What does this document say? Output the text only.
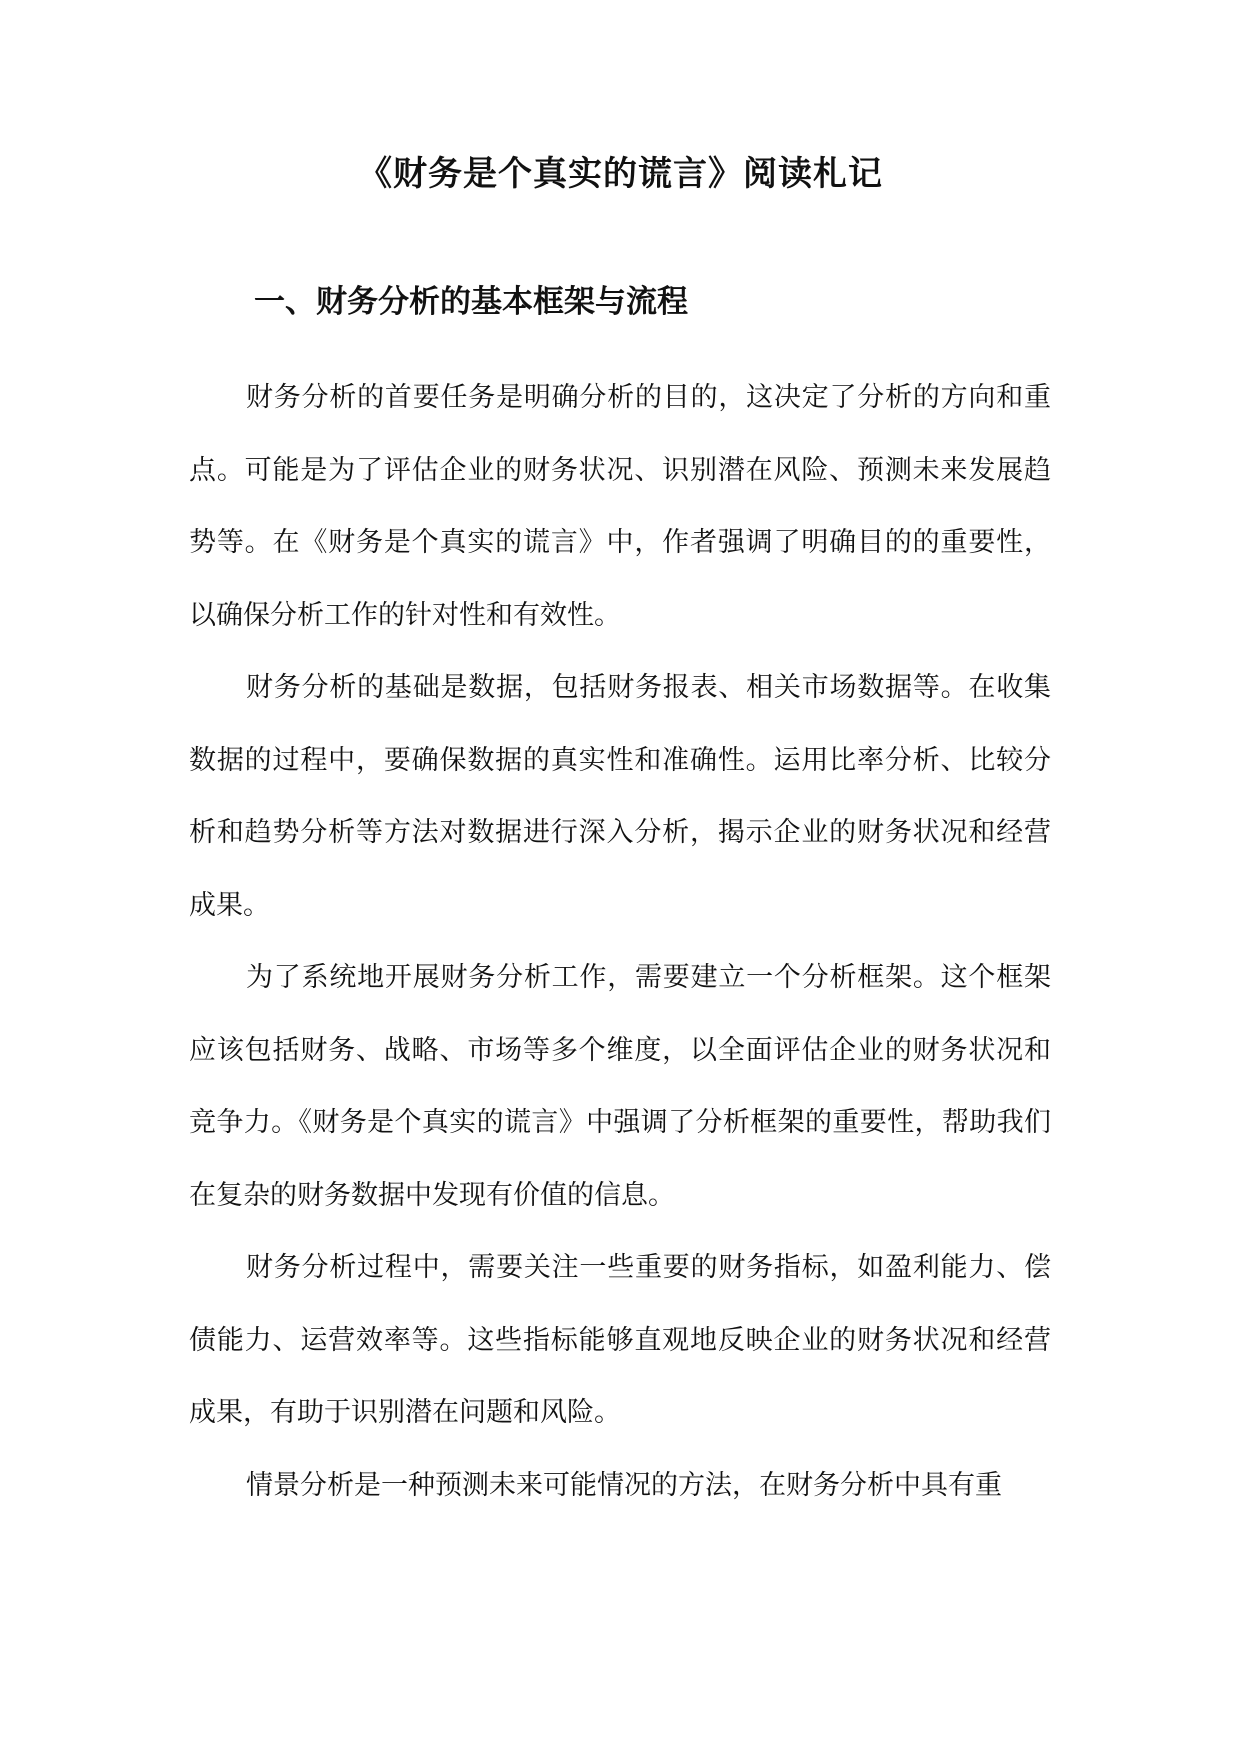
《财务是个真实的谎言》阅读札记
一、财务分析的基本框架与流程

财务分析的首要任务是明确分析的目的，这决定了分析的方向和重点。可能是为了评估企业的财务状况、识别潜在风险、预测未来发展趋势等。在《财务是个真实的谎言》中，作者强调了明确目的的重要性，以确保分析工作的针对性和有效性。

财务分析的基础是数据，包括财务报表、相关市场数据等。在收集数据的过程中，要确保数据的真实性和准确性。运用比率分析、比较分析和趋势分析等方法对数据进行深入分析，揭示企业的财务状况和经营成果。

为了系统地开展财务分析工作，需要建立一个分析框架。这个框架应该包括财务、战略、市场等多个维度，以全面评估企业的财务状况和竞争力。《财务是个真实的谎言》中强调了分析框架的重要性，帮助我们在复杂的财务数据中发现有价值的信息。

财务分析过程中，需要关注一些重要的财务指标，如盈利能力、偿债能力、运营效率等。这些指标能够直观地反映企业的财务状况和经营成果，有助于识别潜在问题和风险。

情景分析是一种预测未来可能情况的方法，在财务分析中具有重
